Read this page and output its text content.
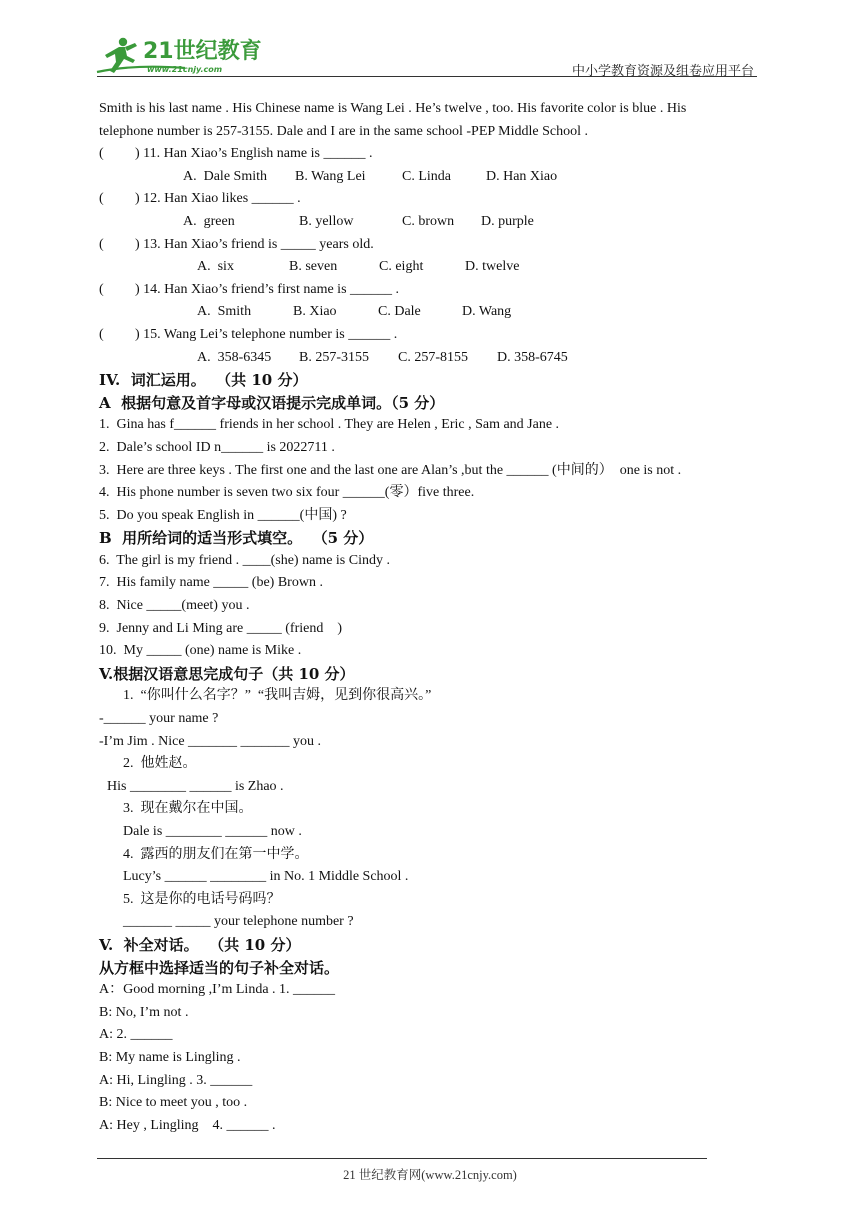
21世纪教育
www.21cnjy.com	中小学教育资源及组卷应用平台
Smith is his last name . His Chinese name is Wang Lei . He’s twelve , too. His favorite color is blue . His
telephone number is 257-3155. Dale and I are in the same school -PEP Middle School .
( ) 11. Han Xiao’s English name is ______ .
A.  Dale Smith B. Wang Lei	C. Linda	D. Han Xiao
( ) 12. Han Xiao likes ______ .
A.  green	B. yellow	C. brown D. purple
( ) 13. Han Xiao’s friend is _____ years old.
A.  six	B. seven	C. eight	D. twelve
( ) 14. Han Xiao’s friend’s first name is ______ .
A.  Smith	B. Xiao	C. Dale	D. Wang
( ) 15. Wang Lei’s telephone number is ______ .
A.  358-6345 B. 257-3155 C. 257-8155 D. 358-6745
IV.  词汇运用。  （共 10 分）
A  根据句意及首字母或汉语提示完成单词。（5 分）
1.  Gina has f______ friends in her school . They are Helen , Eric , Sam and Jane .
2.  Dale’s school ID n______ is 2022711 .
3.  Here are three keys . The first one and the last one are Alan’s ,but the ______ (中间的）  one is not .
4.  His phone number is seven two six four ______(零）five three.
5.  Do you speak English in ______(中国) ?
B  用所给词的适当形式填空。  （5 分）
6.  The girl is my friend . ____(she) name is Cindy .
7.  His family name _____ (be) Brown .
8.  Nice _____(meet) you .
9.  Jenny and Li Ming are _____ (friend    )
10.  My _____ (one) name is Mike .
V.根据汉语意思完成句子（共 10 分）
1.  “你叫什么名字？”  “我叫吉姆，见到你很高兴。”
-______ your name ?
-I’m Jim . Nice _______ _______ you .
2.  他姓赵。
His ________ ______ is Zhao .
3.  现在戴尔在中国。
Dale is ________ ______ now .
4.  露西的朋友们在第一中学。
Lucy’s ______ ________ in No. 1 Middle School .
5.  这是你的电话号码吗？
_______ _____ your telephone number ?
V.  补全对话。  （共 10 分）
从方框中选择适当的句子补全对话。
A：Good morning ,I’m Linda . 1. ______
B: No, I’m not .
A: 2. ______
B: My name is Lingling .
A: Hi, Lingling . 3. ______
B: Nice to meet you , too .
A: Hey , Lingling    4. ______ .
21 世纪教育网(www.21cnjy.com)
